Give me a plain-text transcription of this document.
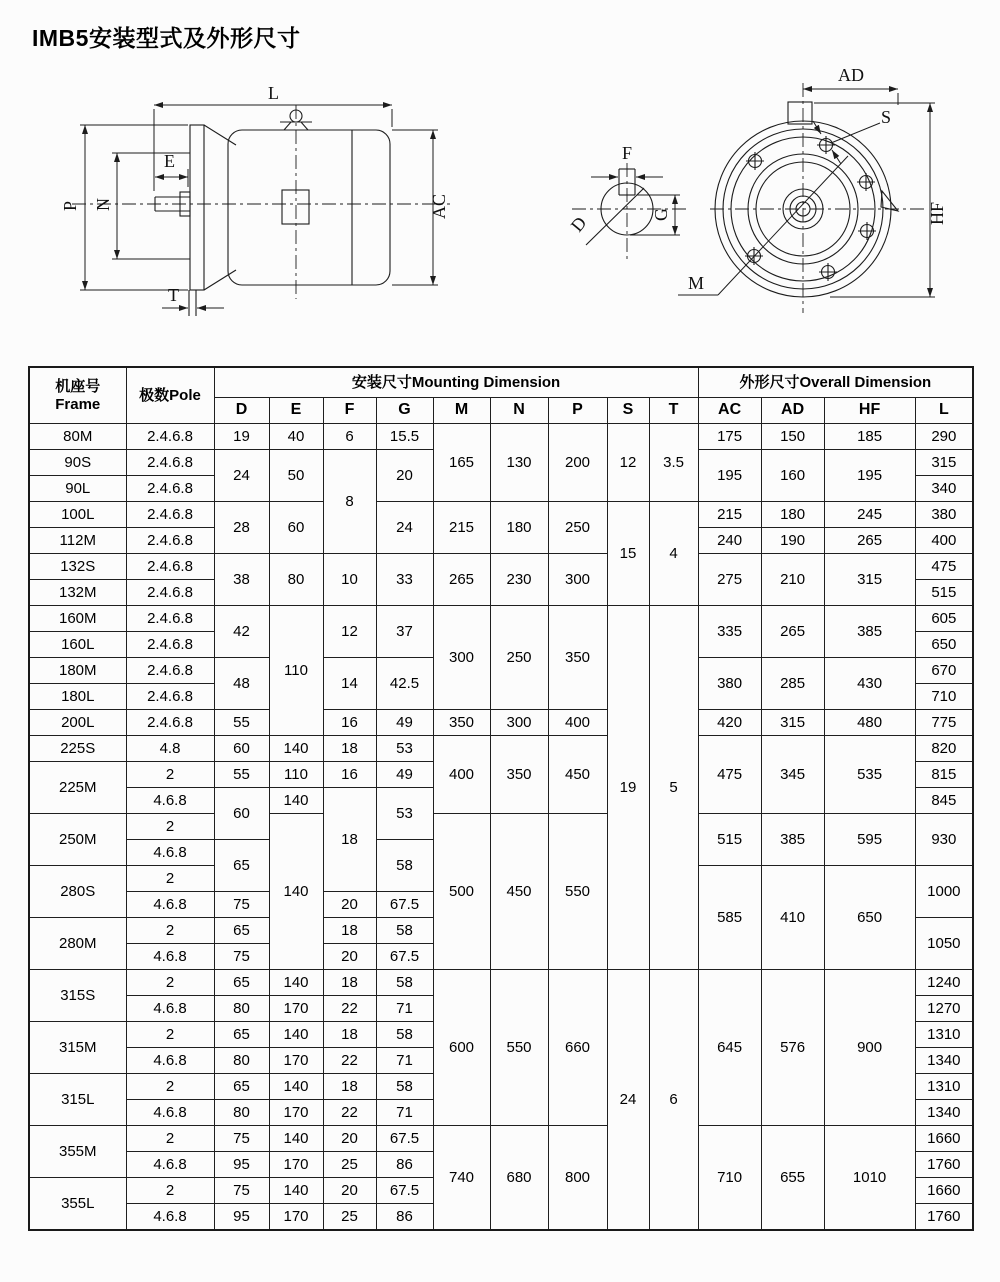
IMB5安装型式及外形尺寸
L
P N
E
T
AC
D
F
G
AD
HF
S
M
机座号
Frame	极数Pole	安装尺寸Mounting Dimension									外形尺寸Overall Dimension			
		D	E	F	G	M	N	P	S	T	AC	AD	HF	L
80M	2.4.6.8	19	40	6	15.5	165	130	200	12	3.5	175	150	185	290
90S	2.4.6.8	24	50	8	20						195	160	195	315
90L	2.4.6.8													340
100L	2.4.6.8	28	60		24	215	180	250	15	4	215	180	245	380
112M	2.4.6.8										240	190	265	400
132S	2.4.6.8	38	80	10	33	265	230	300			275	210	315	475
132M	2.4.6.8													515
160M	2.4.6.8	42	110	12	37	300	250	350	19	5	335	265	385	605
160L	2.4.6.8													650
180M	2.4.6.8	48		14	42.5						380	285	430	670
180L	2.4.6.8													710
200L	2.4.6.8	55		16	49	350	300	400			420	315	480	775
225S	4.8	60	140	18	53	400	350	450			475	345	535	820
225M	2	55	110	16	49									815
	4.6.8	60	140	18	53									845
250M	2		140			500	450	550			515	385	595	930
	4.6.8	65			58									
280S	2										585	410	650	1000
	4.6.8	75		20	67.5									
280M	2	65		18	58									1050
	4.6.8	75		20	67.5									
315S	2	65	140	18	58	600	550	660	24	6	645	576	900	1240
	4.6.8	80	170	22	71									1270
315M	2	65	140	18	58									1310
	4.6.8	80	170	22	71									1340
315L	2	65	140	18	58									1310
	4.6.8	80	170	22	71									1340
355M	2	75	140	20	67.5	740	680	800			710	655	1010	1660
	4.6.8	95	170	25	86									1760
355L	2	75	140	20	67.5									1660
	4.6.8	95	170	25	86									1760
